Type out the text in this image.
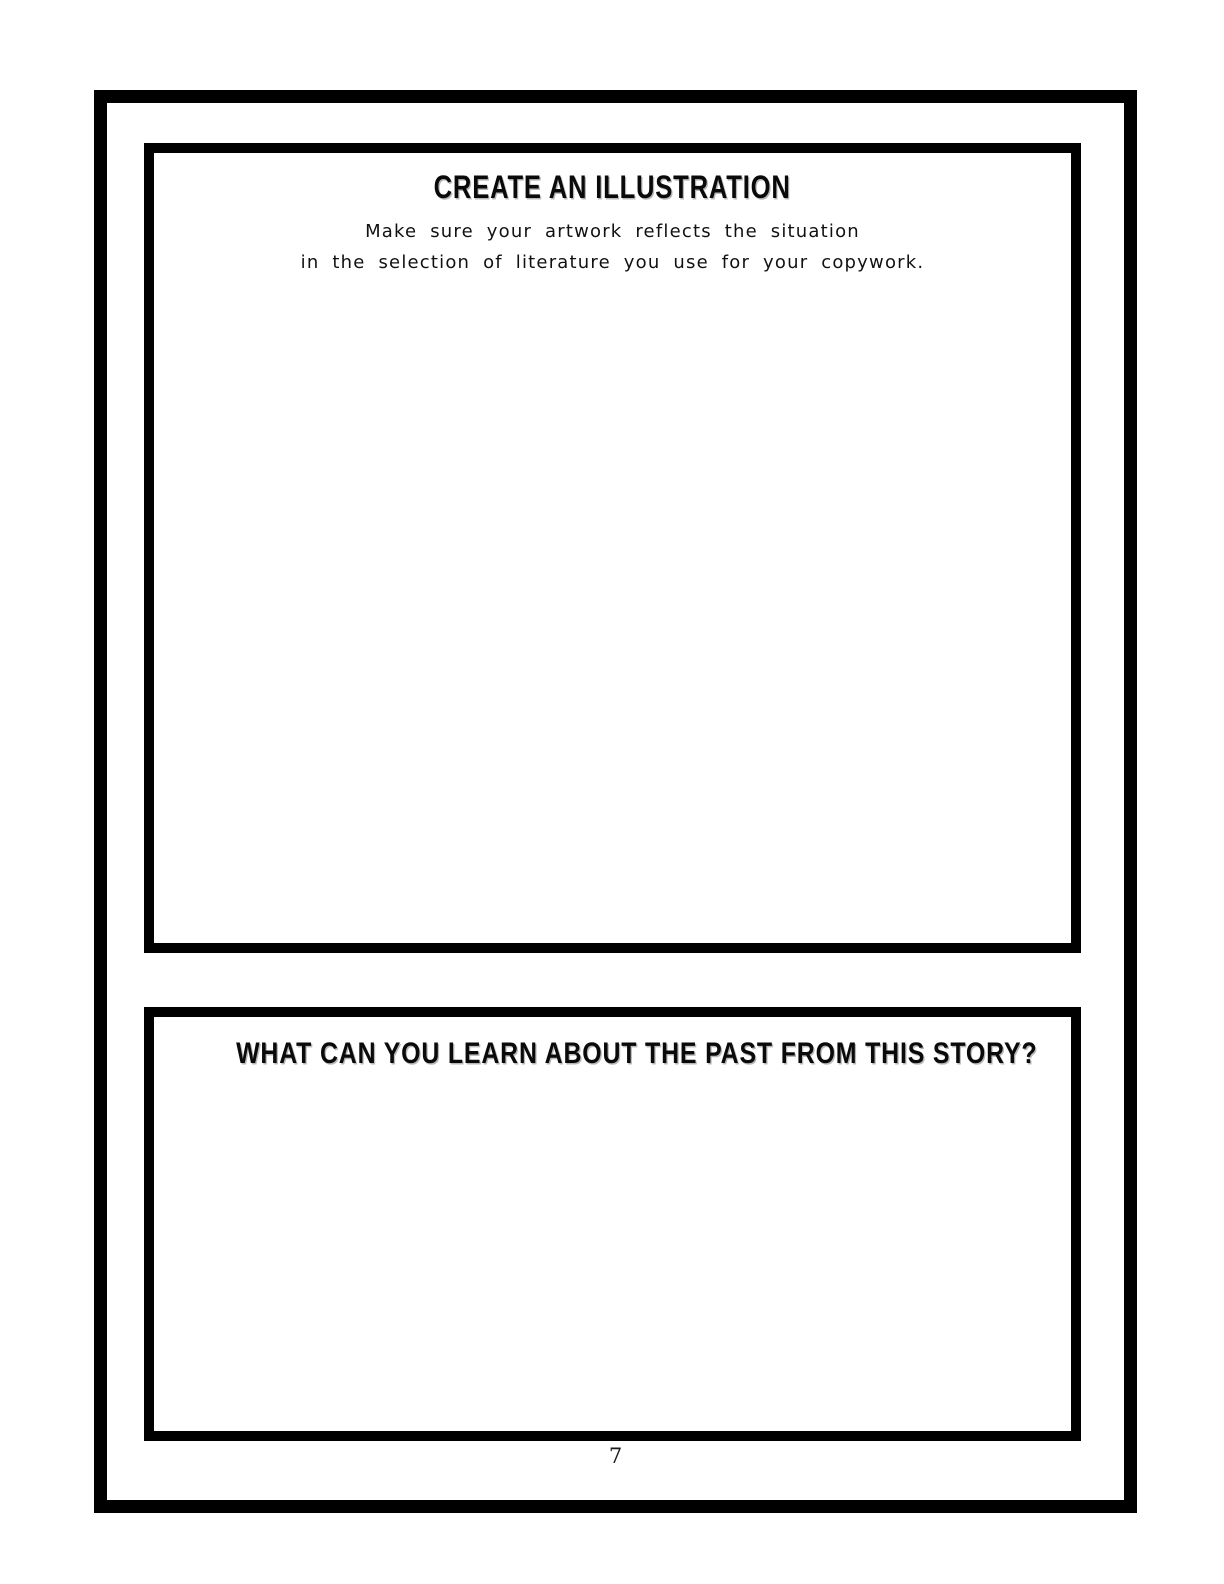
CREATE AN ILLUSTRATION

Make sure your artwork reflects the situation
in the selection of literature you use for your copywork.

WHAT CAN YOU LEARN ABOUT THE PAST FROM THIS STORY?
7
